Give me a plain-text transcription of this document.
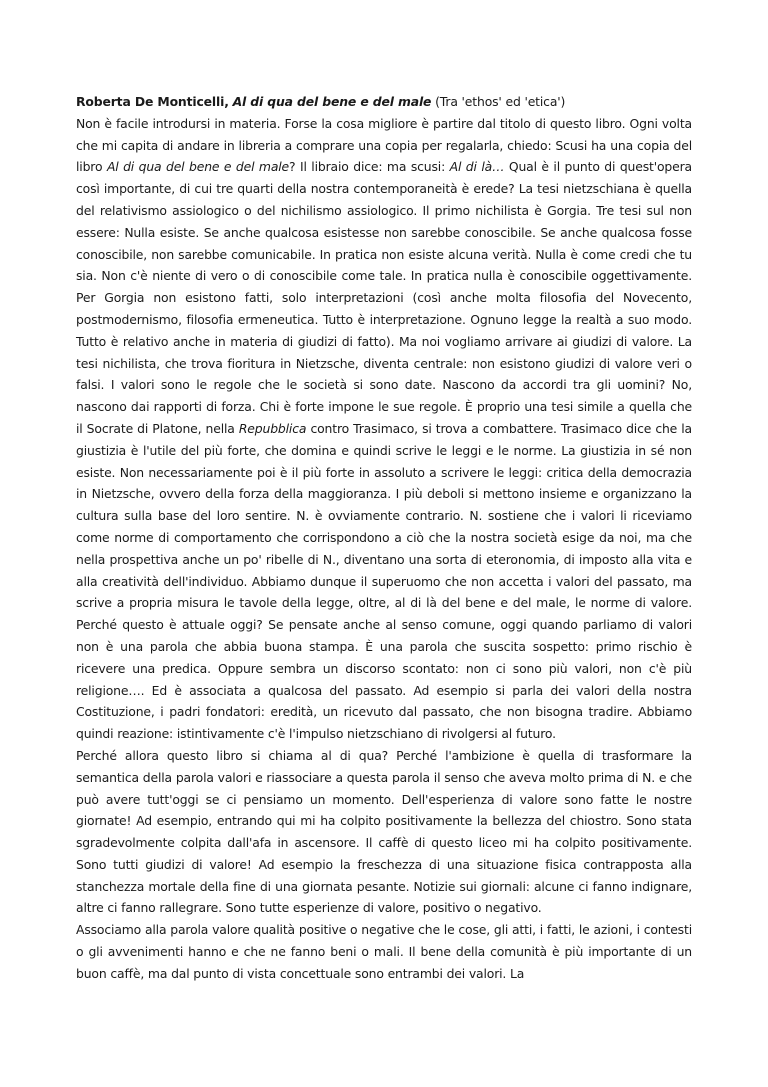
Roberta De Monticelli, Al di qua del bene e del male (Tra 'ethos' ed 'etica')

Non è facile introdursi in materia. Forse la cosa migliore è partire dal titolo di questo libro. Ogni volta che mi capita di andare in libreria a comprare una copia per regalarla, chiedo: Scusi ha una copia del libro Al di qua del bene e del male? Il libraio dice: ma scusi: Al di là… Qual è il punto di quest'opera così importante, di cui tre quarti della nostra contemporaneità è erede? La tesi nietzschiana è quella del relativismo assiologico o del nichilismo assiologico. Il primo nichilista è Gorgia. Tre tesi sul non essere: Nulla esiste. Se anche qualcosa esistesse non sarebbe conoscibile. Se anche qualcosa fosse conoscibile, non sarebbe comunicabile. In pratica non esiste alcuna verità. Nulla è come credi che tu sia. Non c'è niente di vero o di conoscibile come tale. In pratica nulla è conoscibile oggettivamente. Per Gorgia non esistono fatti, solo interpretazioni (così anche molta filosofia del Novecento, postmodernismo, filosofia ermeneutica. Tutto è interpretazione. Ognuno legge la realtà a suo modo. Tutto è relativo anche in materia di giudizi di fatto). Ma noi vogliamo arrivare ai giudizi di valore. La tesi nichilista, che trova fioritura in Nietzsche, diventa centrale: non esistono giudizi di valore veri o falsi. I valori sono le regole che le società si sono date. Nascono da accordi tra gli uomini? No, nascono dai rapporti di forza. Chi è forte impone le sue regole. È proprio una tesi simile a quella che il Socrate di Platone, nella Repubblica contro Trasimaco, si trova a combattere. Trasimaco dice che la giustizia è l'utile del più forte, che domina e quindi scrive le leggi e le norme. La giustizia in sé non esiste. Non necessariamente poi è il più forte in assoluto a scrivere le leggi: critica della democrazia in Nietzsche, ovvero della forza della maggioranza. I più deboli si mettono insieme e organizzano la cultura sulla base del loro sentire. N. è ovviamente contrario. N. sostiene che i valori li riceviamo come norme di comportamento che corrispondono a ciò che la nostra società esige da noi, ma che nella prospettiva anche un po' ribelle di N., diventano una sorta di eteronomia, di imposto alla vita e alla creatività dell'individuo. Abbiamo dunque il superuomo che non accetta i valori del passato, ma scrive a propria misura le tavole della legge, oltre, al di là del bene e del male, le norme di valore. Perché questo è attuale oggi? Se pensate anche al senso comune, oggi quando parliamo di valori non è una parola che abbia buona stampa. È una parola che suscita sospetto: primo rischio è ricevere una predica. Oppure sembra un discorso scontato: non ci sono più valori, non c'è più religione…. Ed è associata a qualcosa del passato. Ad esempio si parla dei valori della nostra Costituzione, i padri fondatori: eredità, un ricevuto dal passato, che non bisogna tradire. Abbiamo quindi reazione: istintivamente c'è l'impulso nietzschiano di rivolgersi al futuro.

Perché allora questo libro si chiama al di qua? Perché l'ambizione è quella di trasformare la semantica della parola valori e riassociare a questa parola il senso che aveva molto prima di N. e che può avere tutt'oggi se ci pensiamo un momento. Dell'esperienza di valore sono fatte le nostre giornate! Ad esempio, entrando qui mi ha colpito positivamente la bellezza del chiostro. Sono stata sgradevolmente colpita dall'afa in ascensore. Il caffè di questo liceo mi ha colpito positivamente. Sono tutti giudizi di valore! Ad esempio la freschezza di una situazione fisica contrapposta alla stanchezza mortale della fine di una giornata pesante. Notizie sui giornali: alcune ci fanno indignare, altre ci fanno rallegrare. Sono tutte esperienze di valore, positivo o negativo.

Associamo alla parola valore qualità positive o negative che le cose, gli atti, i fatti, le azioni, i contesti o gli avvenimenti hanno e che ne fanno beni o mali. Il bene della comunità è più importante di un buon caffè, ma dal punto di vista concettuale sono entrambi dei valori. La
